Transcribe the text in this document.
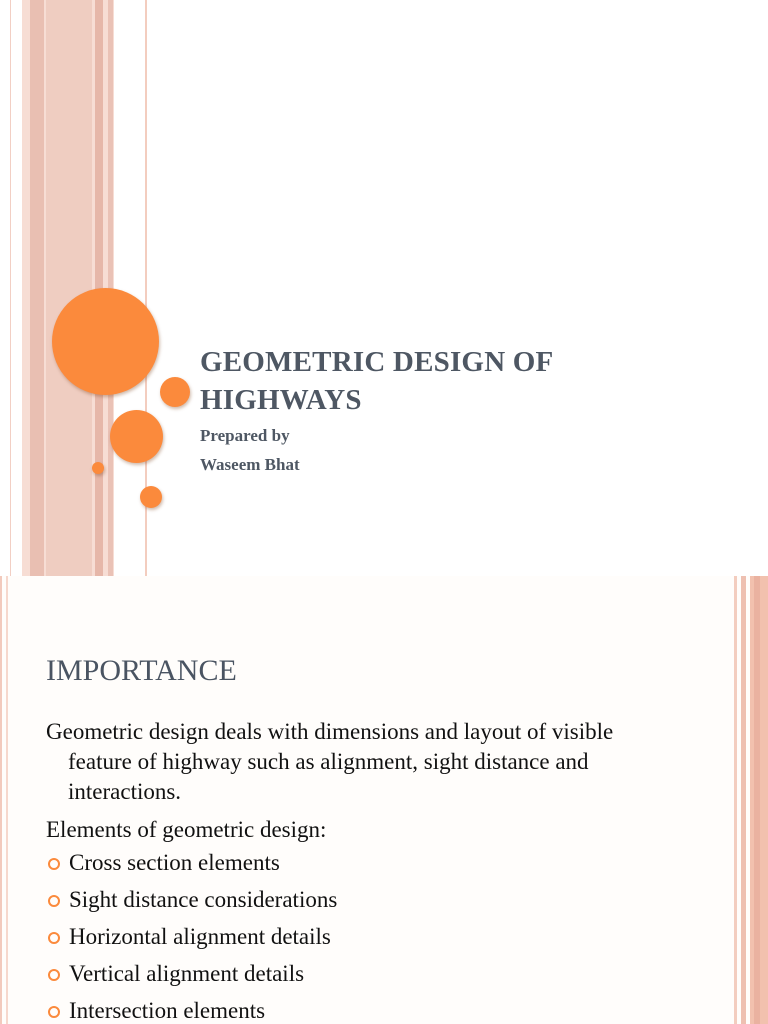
GEOMETRIC DESIGN OF
HIGHWAYS

Prepared by

Waseem Bhat

IMPORTANCE

Geometric design deals with dimensions and layout of visible feature of highway such as alignment, sight distance and interactions.

Elements of geometric design:

Cross section elements
Sight distance considerations
Horizontal alignment details
Vertical alignment details
Intersection elements
